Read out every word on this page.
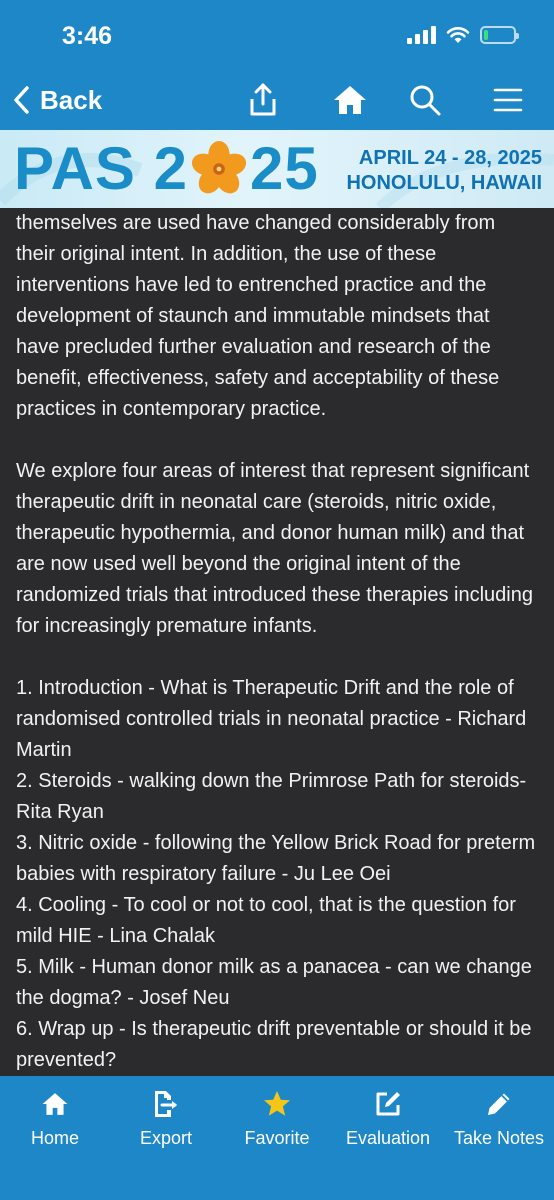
3:46
Back
PAS 2 25	APRIL 24 - 28, 2025
HONOLULU, HAWAII

themselves are used have changed considerably from their original intent. In addition, the use of these interventions have led to entrenched practice and the development of staunch and immutable mindsets that have precluded further evaluation and research of the benefit, effectiveness, safety and acceptability of these practices in contemporary practice.

We explore four areas of interest that represent significant therapeutic drift in neonatal care (steroids, nitric oxide, therapeutic hypothermia, and donor human milk) and that are now used well beyond the original intent of the randomized trials that introduced these therapies including for increasingly premature infants.

1. Introduction - What is Therapeutic Drift and the role of randomised controlled trials in neonatal practice - Richard Martin

2. Steroids - walking down the Primrose Path for steroids- Rita Ryan

3. Nitric oxide - following the Yellow Brick Road for preterm babies with respiratory failure - Ju Lee Oei

4. Cooling - To cool or not to cool, that is the question for mild HIE - Lina Chalak

5. Milk - Human donor milk as a panacea - can we change the dogma? - Josef Neu

6. Wrap up - Is therapeutic drift preventable or should it be prevented?

Home	Export	Favorite	Evaluation	Take Notes
